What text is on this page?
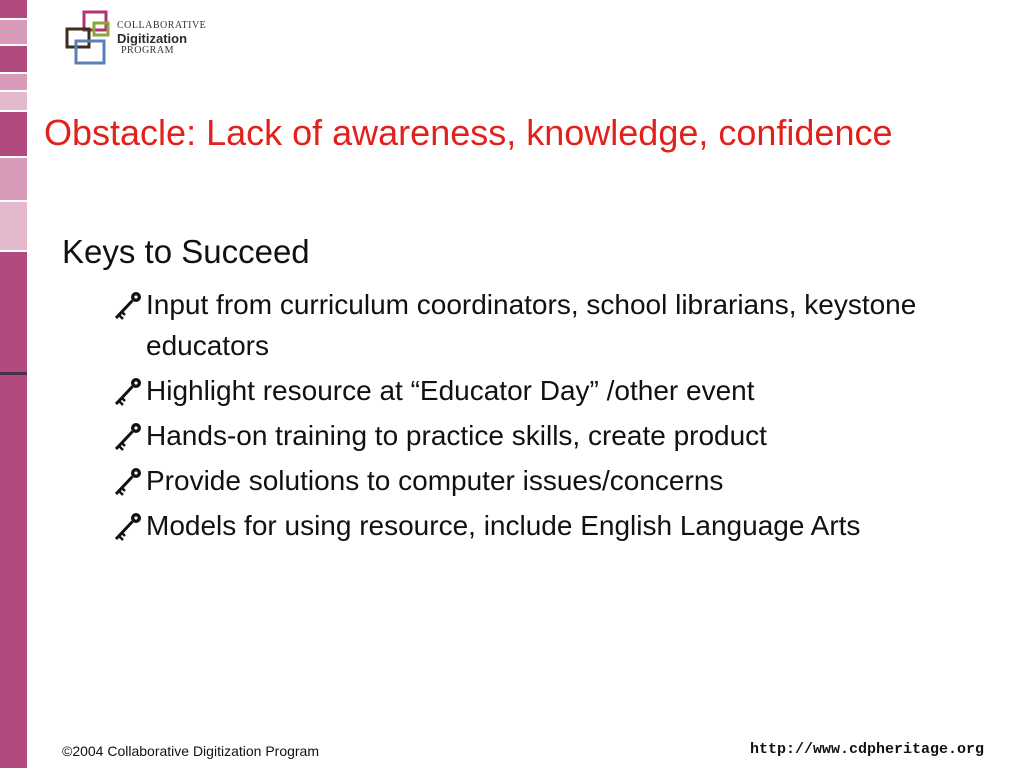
COLLABORATIVE
Digitization
PROGRAM
Obstacle: Lack of awareness, knowledge, confidence
Keys to Succeed
Input from curriculum coordinators, school librarians, keystone educators
Highlight resource at “Educator Day” /other event
Hands-on training to practice skills, create product
Provide solutions to computer issues/concerns
Models for using resource, include English Language Arts
©2004 Collaborative Digitization Program	http://www.cdpheritage.org
